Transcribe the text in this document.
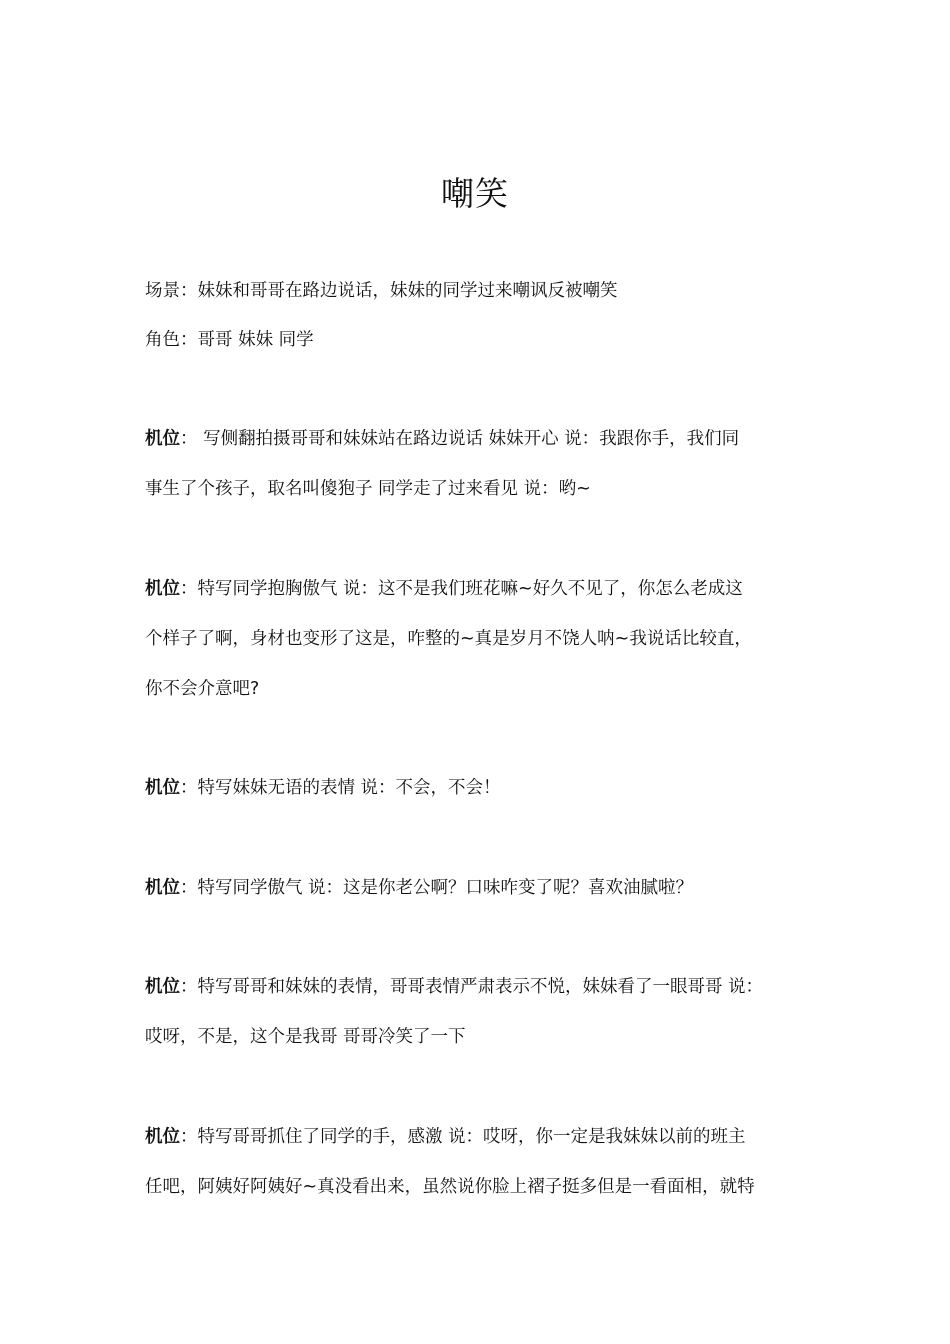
嘲笑
场景：妹妹和哥哥在路边说话，妹妹的同学过来嘲讽反被嘲笑
角色：哥哥 妹妹 同学
机位： 写侧翻拍摄哥哥和妹妹站在路边说话 妹妹开心 说：我跟你手，我们同
事生了个孩子，取名叫傻狍子 同学走了过来看见 说：哟~
机位：特写同学抱胸傲气 说：这不是我们班花嘛~好久不见了，你怎么老成这
个样子了啊，身材也变形了这是，咋整的~真是岁月不饶人呐~我说话比较直，
你不会介意吧?
机位：特写妹妹无语的表情 说：不会，不会！
机位：特写同学傲气 说：这是你老公啊？口味咋变了呢？喜欢油腻啦？
机位：特写哥哥和妹妹的表情，哥哥表情严肃表示不悦，妹妹看了一眼哥哥 说：
哎呀，不是，这个是我哥 哥哥冷笑了一下
机位：特写哥哥抓住了同学的手，感激 说：哎呀，你一定是我妹妹以前的班主
任吧，阿姨好阿姨好~真没看出来，虽然说你脸上褶子挺多但是一看面相，就特
